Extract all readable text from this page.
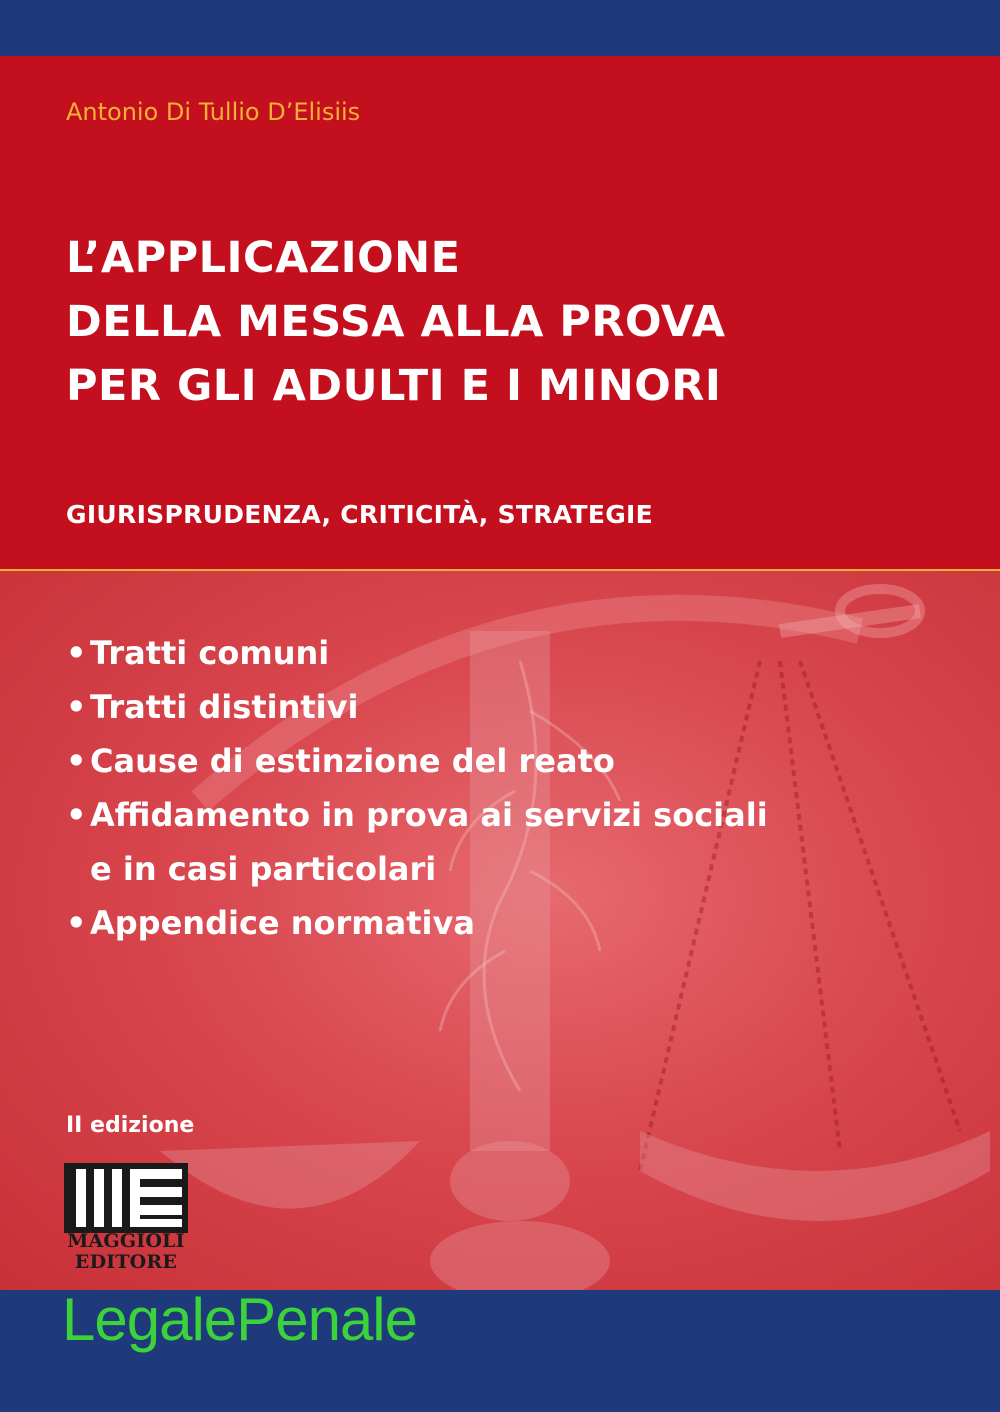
Antonio Di Tullio D’Elisiis
L’APPLICAZIONE
DELLA MESSA ALLA PROVA
PER GLI ADULTI E I MINORI
GIURISPRUDENZA, CRITICITÀ, STRATEGIE
• Tratti comuni
• Tratti distintivi
• Cause di estinzione del reato
• Affidamento in prova ai servizi sociali
e in casi particolari
• Appendice normativa
II edizione
MAGGIOLI
EDITORE
LegalePenale
